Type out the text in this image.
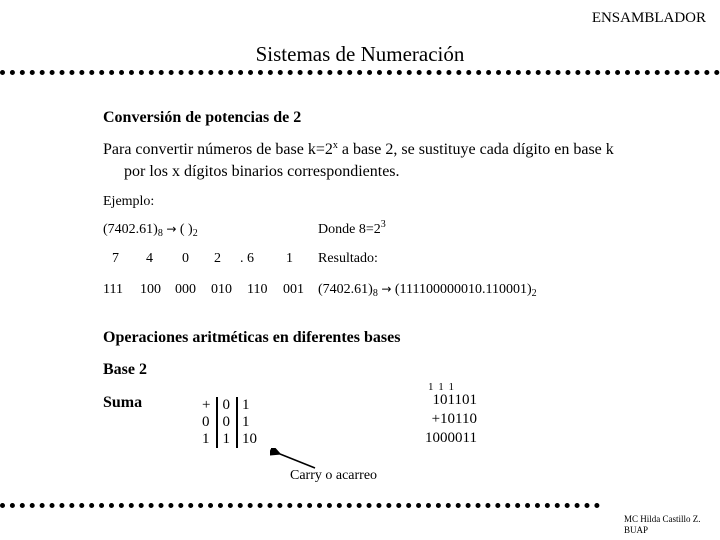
ENSAMBLADOR
Sistemas de Numeración
Conversión de potencias de 2
Para convertir números de base $k=2^x$ a base 2, se sustituye cada dígito en base k
por los x dígitos binarios correspondientes.
Ejemplo:
$(7402.61)_8$ → ( )$_2$	Donde $8=2^3$
7 4 0 2 . 6 1 Resultado:
111 100 000 010 110 001 $(7402.61)_8 \to (111100000010.110001)_2$
Operaciones aritméticas en diferentes bases
Base 2
Suma	+	0	1
0	0	1
1	1	10
1 1 1
101101
+10110
1000011
Carry o acarreo
MC Hilda Castillo Z.
BUAP
